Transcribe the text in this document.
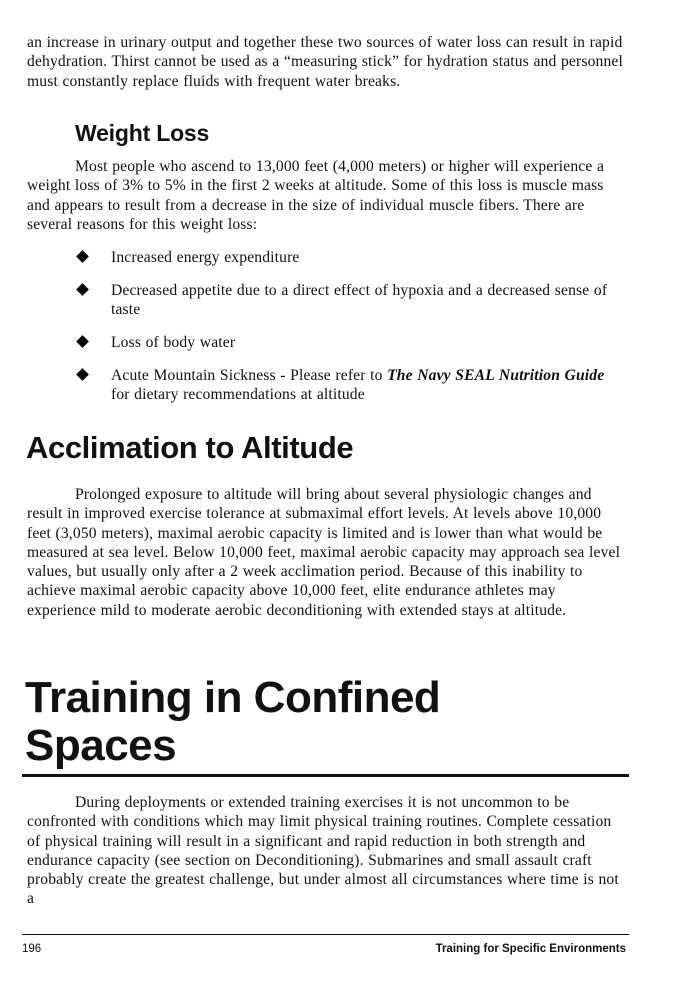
an increase in urinary output and together these two sources of water loss can result in rapid dehydration. Thirst cannot be used as a “measuring stick” for hydration status and personnel must constantly replace fluids with frequent water breaks.

Weight Loss

Most people who ascend to 13,000 feet (4,000 meters) or higher will experience a weight loss of 3% to 5% in the first 2 weeks at altitude. Some of this loss is muscle mass and appears to result from a decrease in the size of individual muscle fibers. There are several reasons for this weight loss:

Increased energy expenditure
Decreased appetite due to a direct effect of hypoxia and a decreased sense of taste
Loss of body water
Acute Mountain Sickness - Please refer to The Navy SEAL Nutrition Guide for dietary recommendations at altitude
Acclimation to Altitude

Prolonged exposure to altitude will bring about several physiologic changes and result in improved exercise tolerance at submaximal effort levels. At levels above 10,000 feet (3,050 meters), maximal aerobic capacity is limited and is lower than what would be measured at sea level. Below 10,000 feet, maximal aerobic capacity may approach sea level values, but usually only after a 2 week acclimation period. Because of this inability to achieve maximal aerobic capacity above 10,000 feet, elite endurance athletes may experience mild to moderate aerobic deconditioning with extended stays at altitude.

Training in Confined
Spaces

During deployments or extended training exercises it is not uncommon to be confronted with conditions which may limit physical training routines. Complete cessation of physical training will result in a significant and rapid reduction in both strength and endurance capacity (see section on Deconditioning). Submarines and small assault craft probably create the greatest challenge, but under almost all circumstances where time is not a

196	Training for Specific Environments
